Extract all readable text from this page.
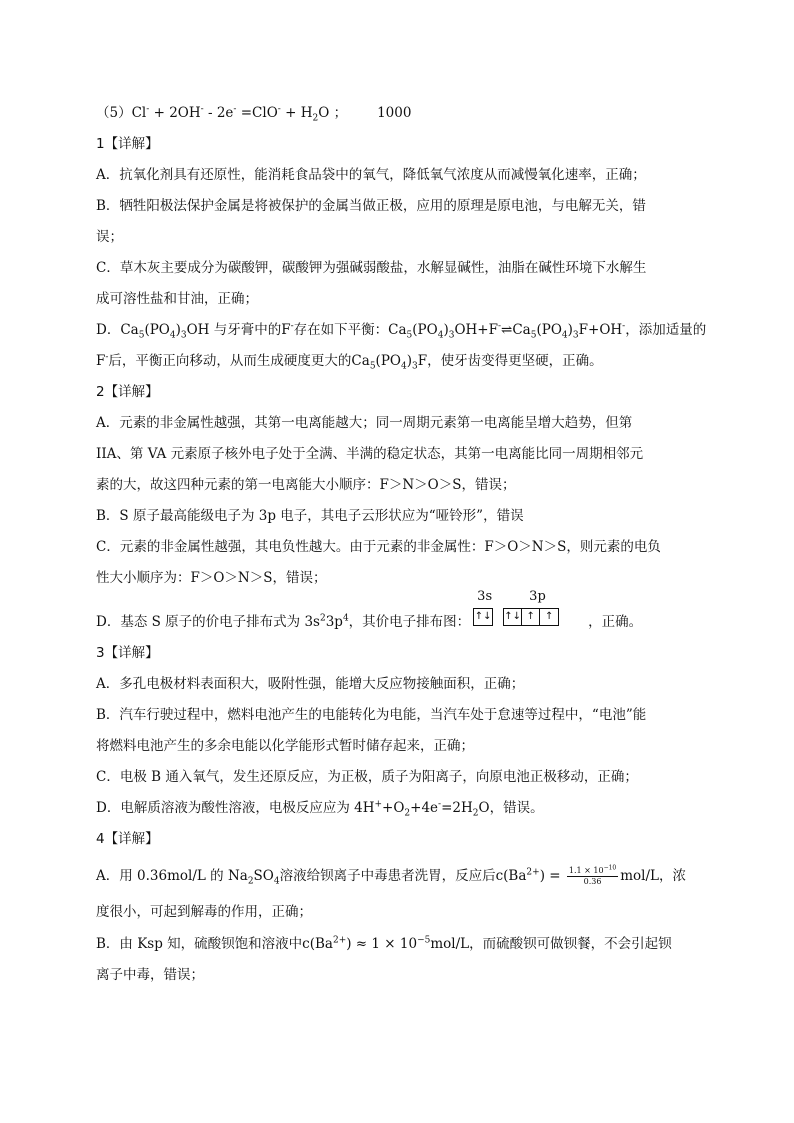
$(5)Cl^- + 2OH^- - 2e^- =ClO^- + H_2O$ ； 1000
1【详解】
A．抗氧化剂具有还原性，能消耗食品袋中的氧气，降低氧气浓度从而减慢氧化速率，正确；
B．牺牲阳极法保护金属是将被保护的金属当做正极，应用的原理是原电池，与电解无关，错
误；
C．草木灰主要成分为碳酸钾，碳酸钾为强碱弱酸盐，水解显碱性，油脂在碱性环境下水解生
成可溶性盐和甘油，正确；
D．$Ca_5(PO_4)_3OH$ 与牙膏中的F-存在如下平衡：$Ca_5(PO_4)_3OH+F^-\rightleftharpoons Ca_5(PO_4)_3F+OH^-$，添加适量的
F-后，平衡正向移动，从而生成硬度更大的$Ca_5(PO_4)_3F$，使牙齿变得更坚硬，正确。
2【详解】
A．元素的非金属性越强，其第一电离能越大；同一周期元素第一电离能呈增大趋势，但第
IIA、第 VA 元素原子核外电子处于全满、半满的稳定状态，其第一电离能比同一周期相邻元
素的大，故这四种元素的第一电离能大小顺序：F＞N＞O＞S，错误；
B．S 原子最高能级电子为 3p 电子，其电子云形状应为“哑铃形”，错误
C．元素的非金属性越强，其电负性越大。由于元素的非金属性：F＞O＞N＞S，则元素的电负
性大小顺序为：F＞O＞N＞S，错误；
D．基态 S 原子的价电子排布式为 $3s^23p^4$，其价电子排布图：
3s	3p
↑↓ ↑↓ ↑	↑	，正确。
3【详解】
A．多孔电极材料表面积大，吸附性强，能增大反应物接触面积，正确；
B．汽车行驶过程中，燃料电池产生的电能转化为电能，当汽车处于怠速等过程中，“电池”能
将燃料电池产生的多余电能以化学能形式暂时储存起来，正确；
C．电极 B 通入氧气，发生还原反应，为正极，质子为阳离子，向原电池正极移动，正确；
D．电解质溶液为酸性溶液，电极反应应为 $4H^++O_2+4e^-=2H_2O$，错误。
4【详解】
A．用 0.36mol/L 的 $Na_2SO_4$溶液给钡离子中毒患者洗胃，反应后$c(Ba^{2+}) = \frac{1.1 \times 10^{-10}}{0.36} mol/L$，浓
度很小，可起到解毒的作用，正确；
B．由 Ksp 知，硫酸钡饱和溶液中$c(Ba^{2+}) \approx 1 \times 10^{-5}mol/L$，而硫酸钡可做钡餐，不会引起钡
离子中毒，错误；
